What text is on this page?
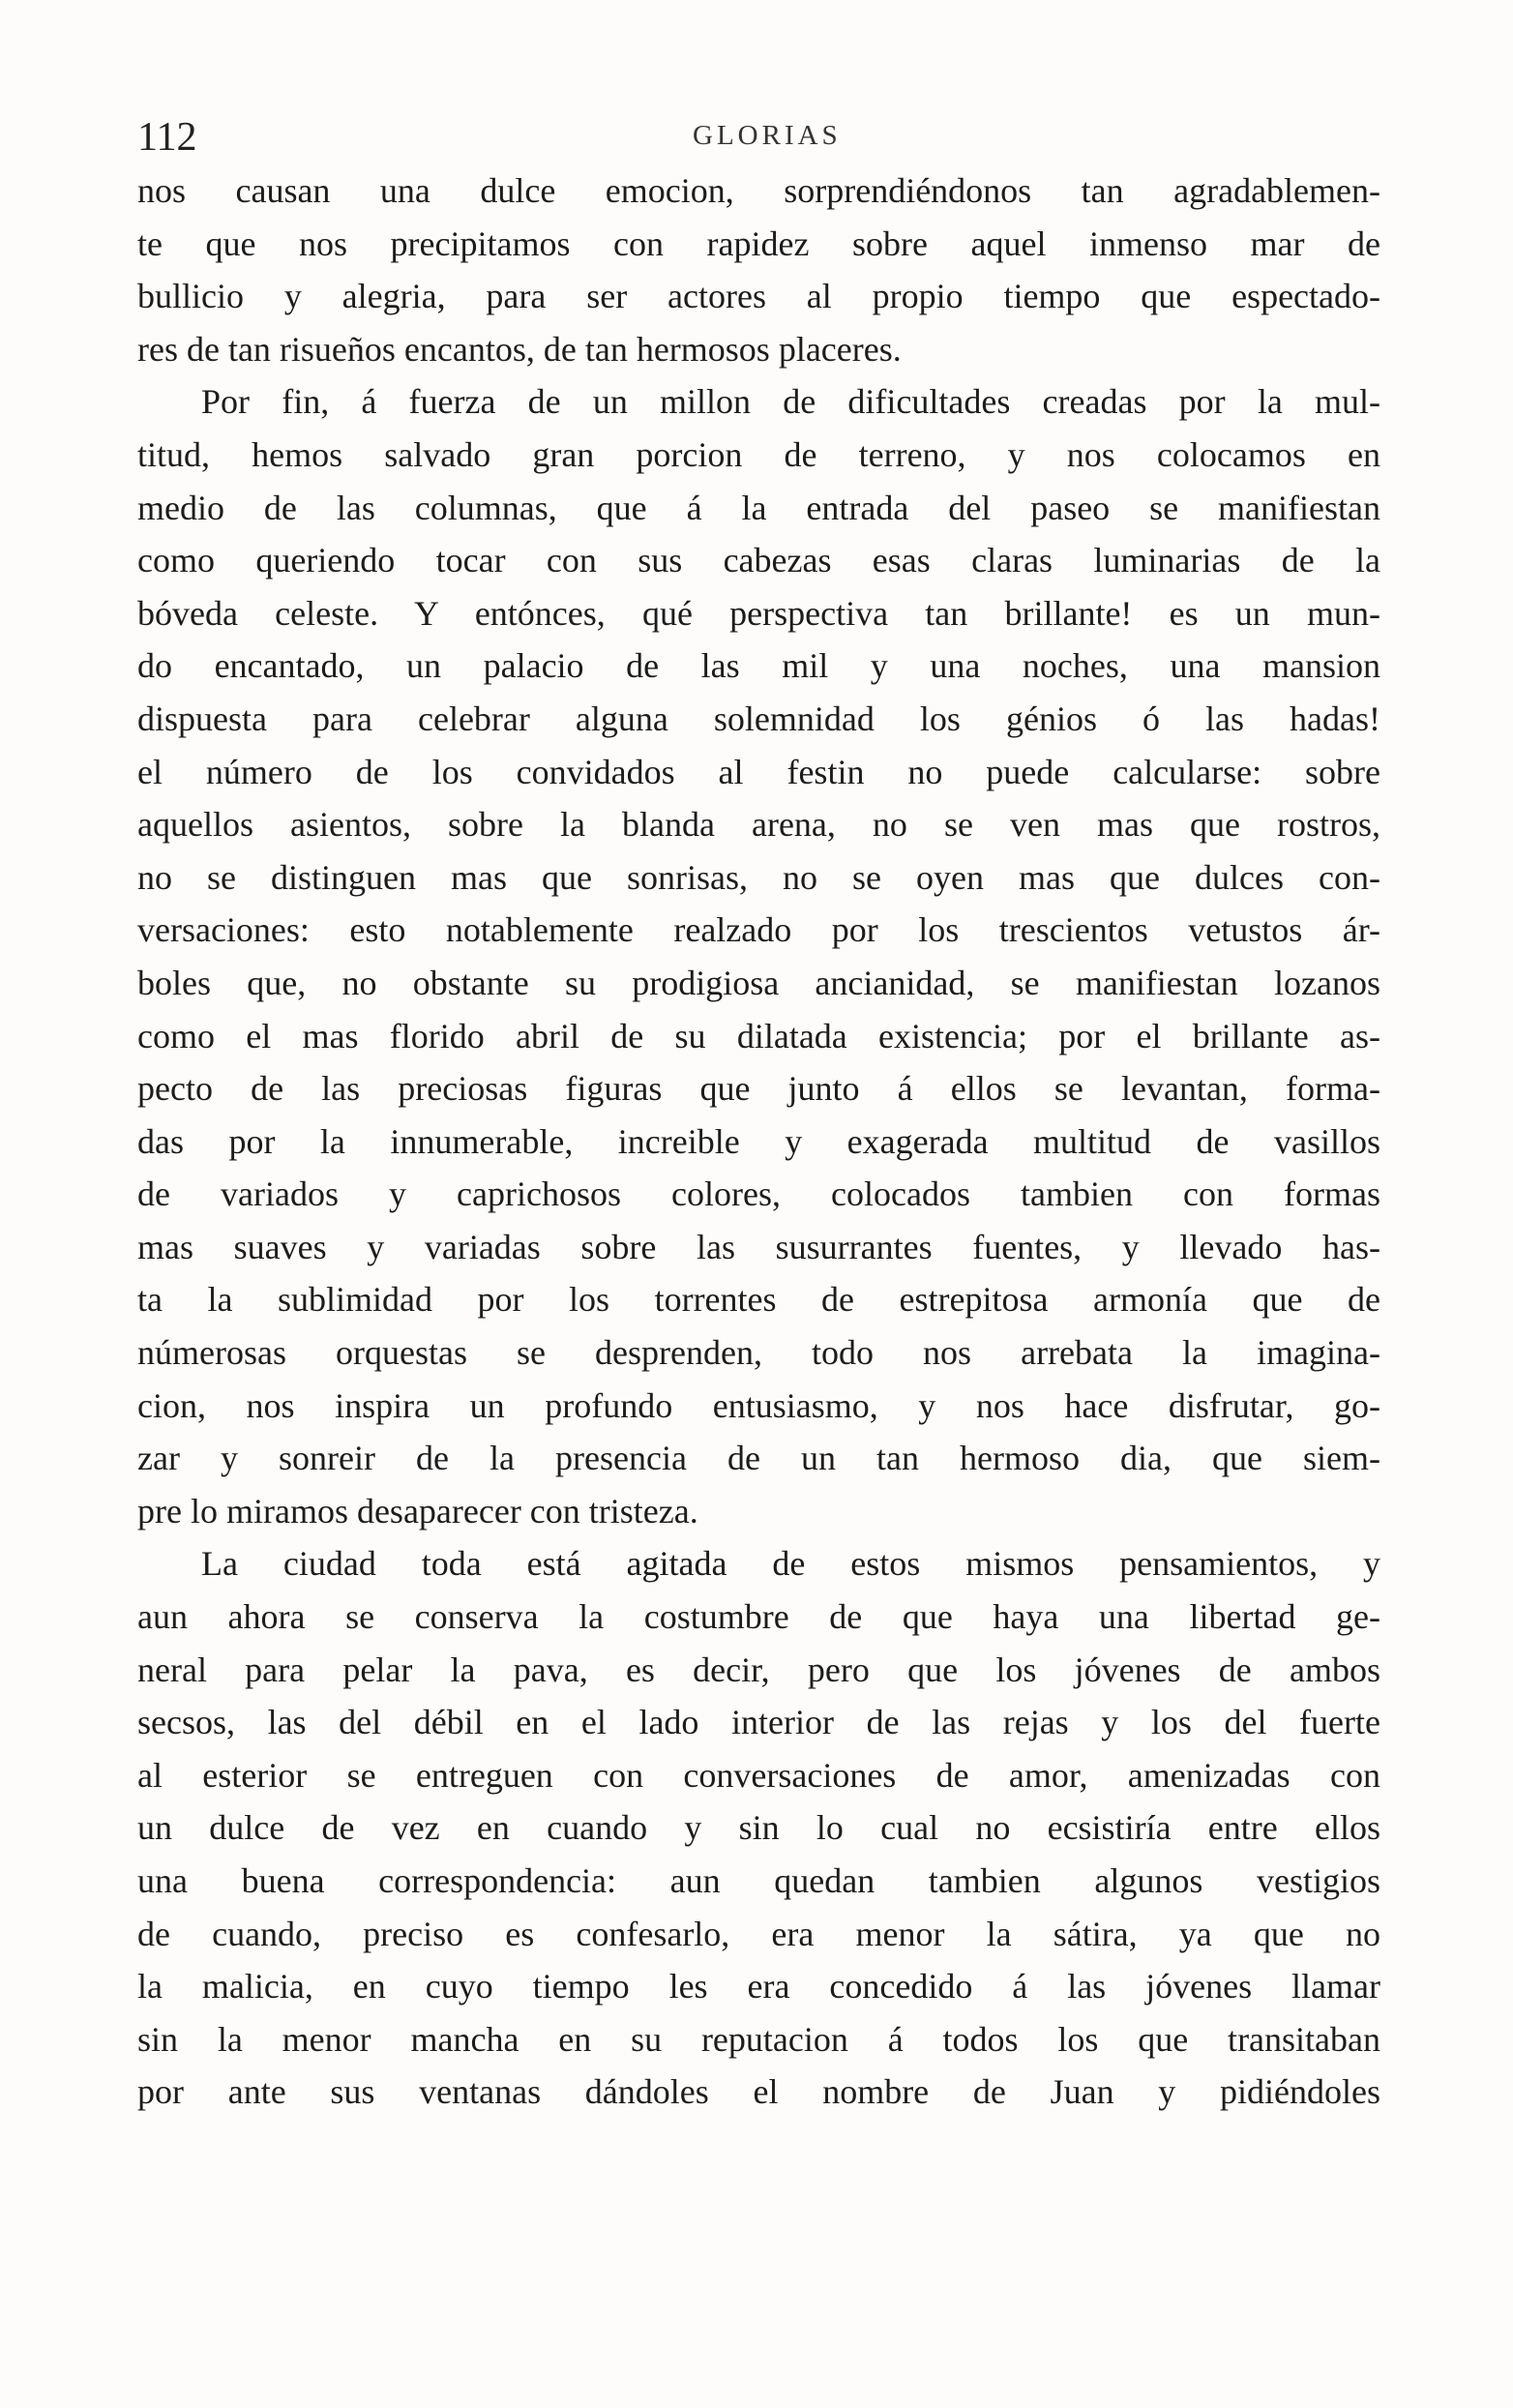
112	GLORIAS
nos causan una dulce emocion, sorprendiéndonos tan agradablemen-
te que nos precipitamos con rapidez sobre aquel inmenso mar de
bullicio y alegria, para ser actores al propio tiempo que espectado-
res de tan risueños encantos, de tan hermosos placeres.
Por fin, á fuerza de un millon de dificultades creadas por la mul-
titud, hemos salvado gran porcion de terreno, y nos colocamos en
medio de las columnas, que á la entrada del paseo se manifiestan
como queriendo tocar con sus cabezas esas claras luminarias de la
bóveda celeste. Y entónces, qué perspectiva tan brillante! es un mun-
do encantado, un palacio de las mil y una noches, una mansion
dispuesta para celebrar alguna solemnidad los génios ó las hadas!
el número de los convidados al festin no puede calcularse: sobre
aquellos asientos, sobre la blanda arena, no se ven mas que rostros,
no se distinguen mas que sonrisas, no se oyen mas que dulces con-
versaciones: esto notablemente realzado por los trescientos vetustos ár-
boles que, no obstante su prodigiosa ancianidad, se manifiestan lozanos
como el mas florido abril de su dilatada existencia; por el brillante as-
pecto de las preciosas figuras que junto á ellos se levantan, forma-
das por la innumerable, increible y exagerada multitud de vasillos
de variados y caprichosos colores, colocados tambien con formas
mas suaves y variadas sobre las susurrantes fuentes, y llevado has-
ta la sublimidad por los torrentes de estrepitosa armonía que de
númerosas orquestas se desprenden, todo nos arrebata la imagina-
cion, nos inspira un profundo entusiasmo, y nos hace disfrutar, go-
zar y sonreir de la presencia de un tan hermoso dia, que siem-
pre lo miramos desaparecer con tristeza.
La ciudad toda está agitada de estos mismos pensamientos, y
aun ahora se conserva la costumbre de que haya una libertad ge-
neral para pelar la pava, es decir, pero que los jóvenes de ambos
secsos, las del débil en el lado interior de las rejas y los del fuerte
al esterior se entreguen con conversaciones de amor, amenizadas con
un dulce de vez en cuando y sin lo cual no ecsistiría entre ellos
una buena correspondencia: aun quedan tambien algunos vestigios
de cuando, preciso es confesarlo, era menor la sátira, ya que no
la malicia, en cuyo tiempo les era concedido á las jóvenes llamar
sin la menor mancha en su reputacion á todos los que transitaban
por ante sus ventanas dándoles el nombre de Juan y pidiéndoles
